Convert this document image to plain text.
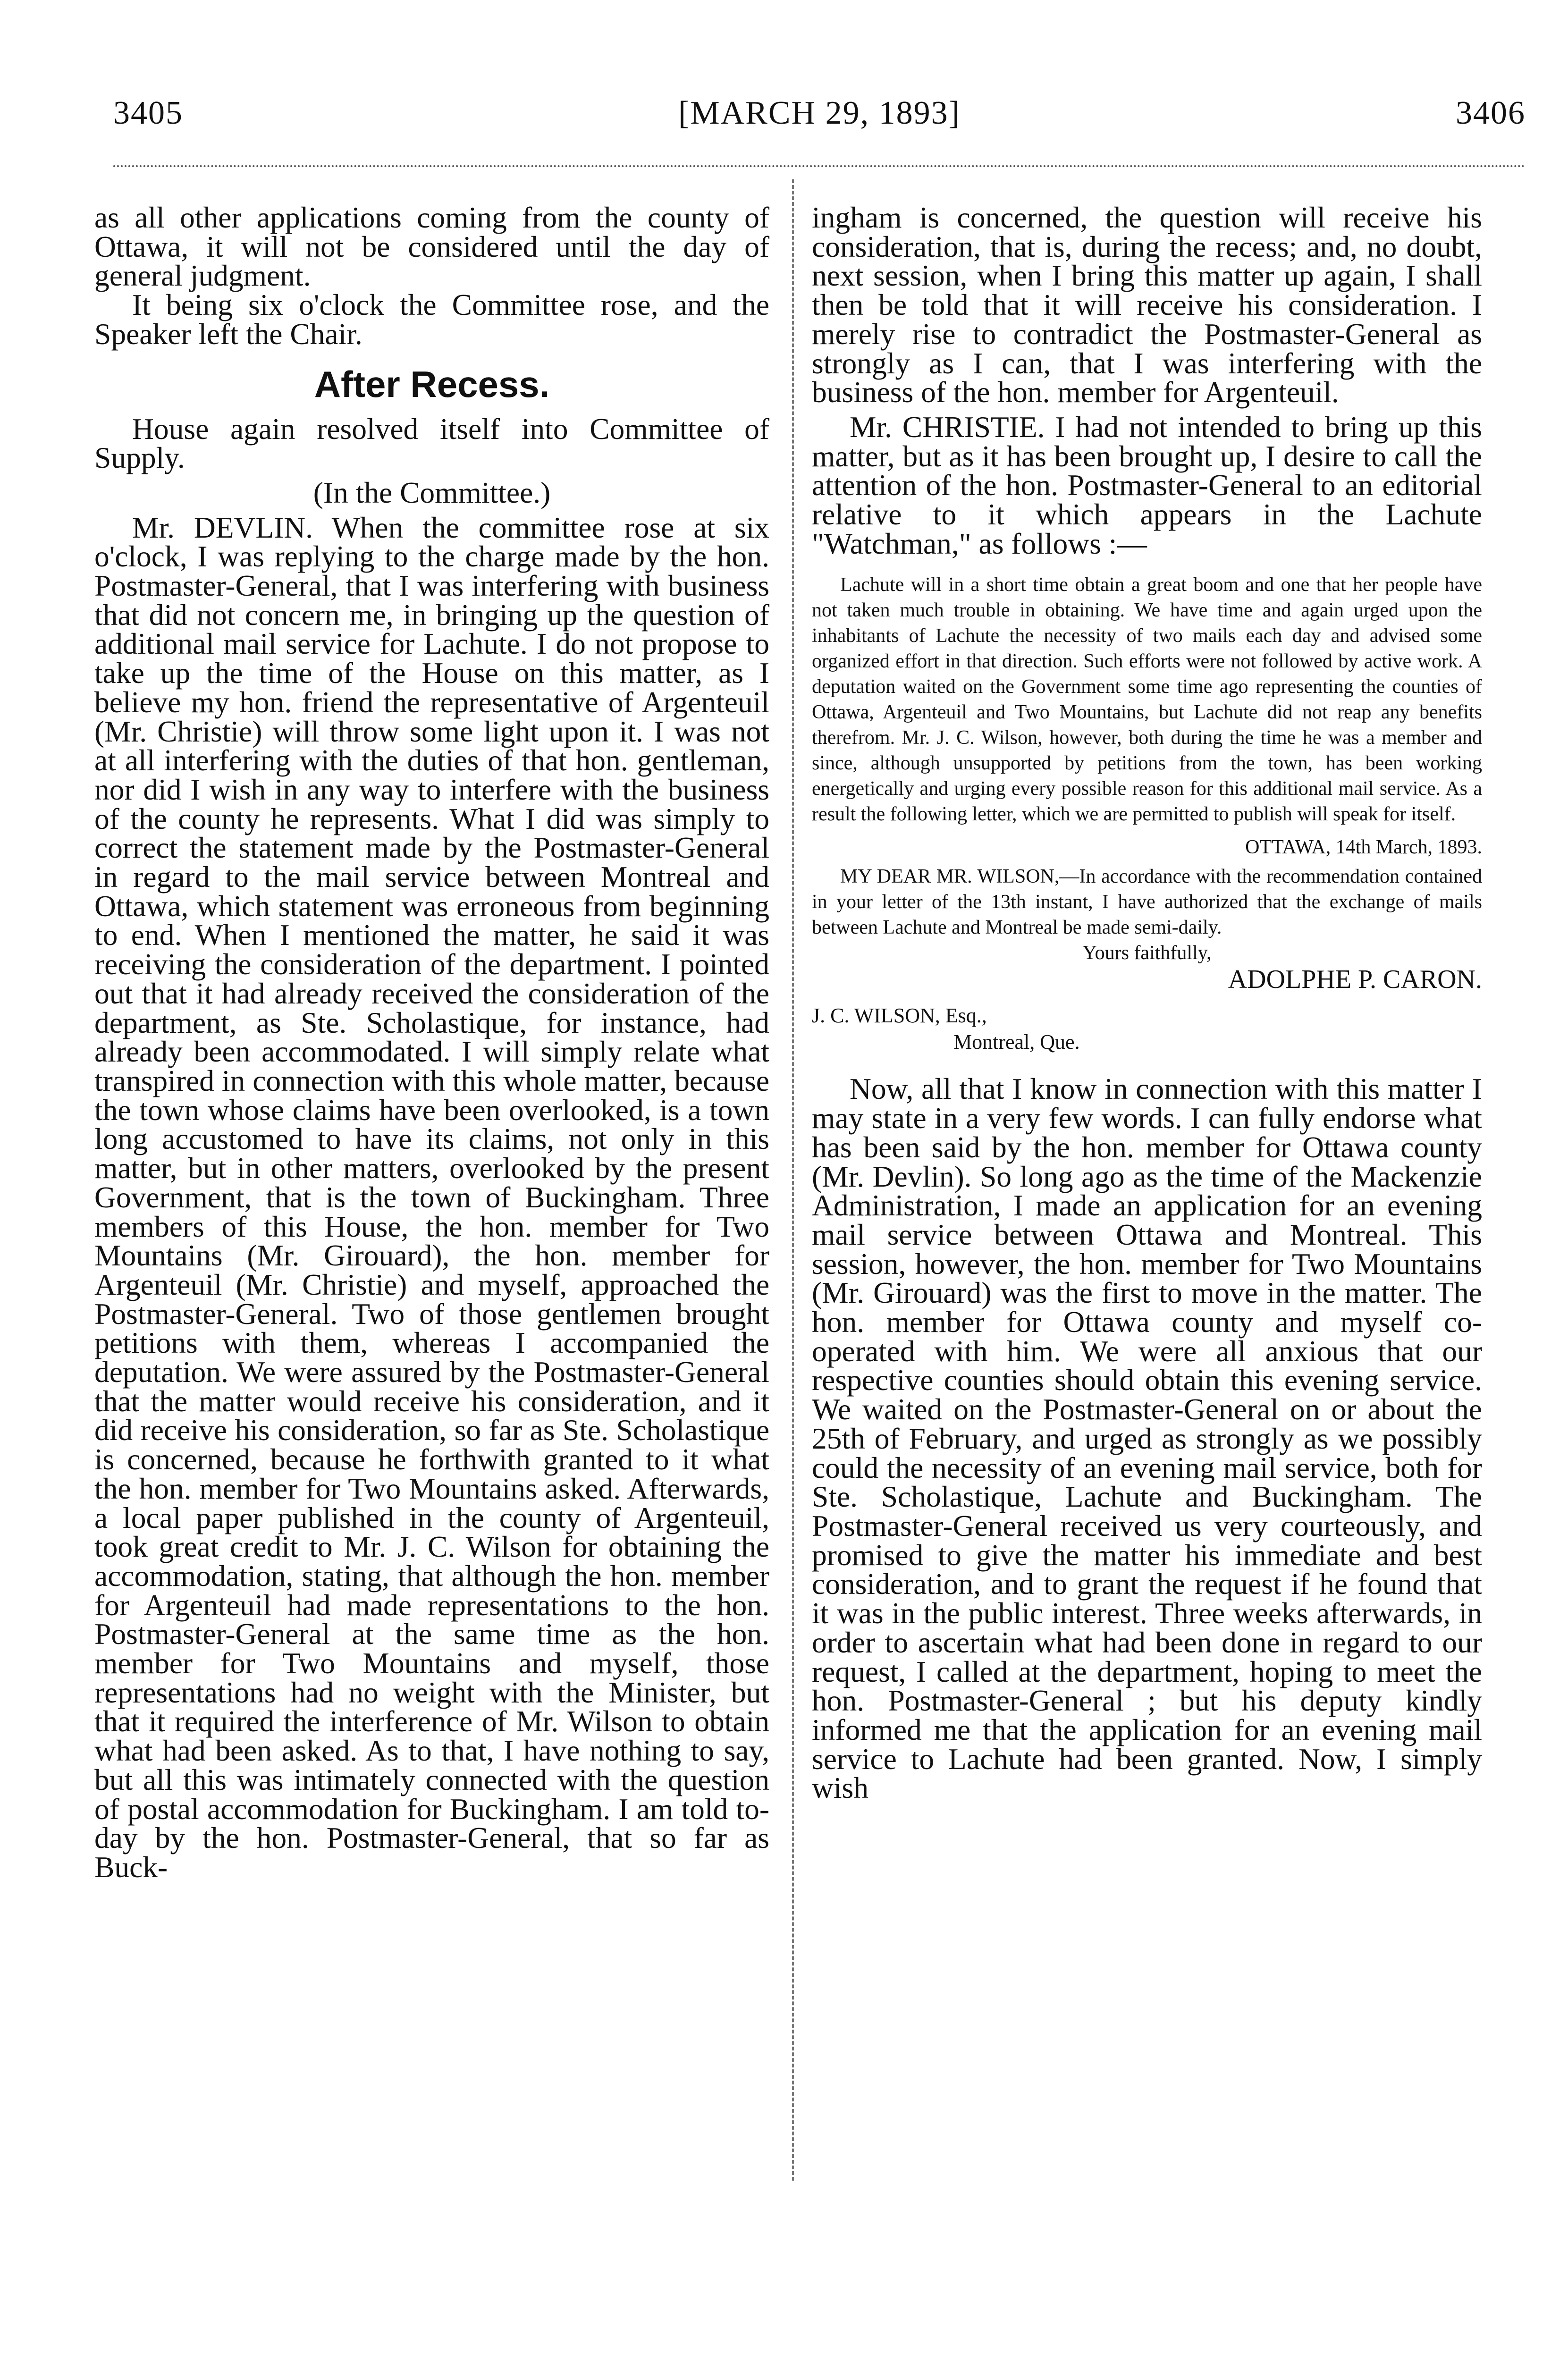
3405	[MARCH 29, 1893]	3406

as all other applications coming from the county of Ottawa, it will not be considered until the day of general judgment.

It being six o'clock the Committee rose, and the Speaker left the Chair.

After Recess.

House again resolved itself into Committee of Supply.

(In the Committee.)

Mr. DEVLIN. When the committee rose at six o'clock, I was replying to the charge made by the hon. Postmaster-General, that I was interfering with business that did not concern me, in bringing up the question of additional mail service for Lachute. I do not propose to take up the time of the House on this matter, as I believe my hon. friend the representative of Argenteuil (Mr. Christie) will throw some light upon it. I was not at all interfering with the duties of that hon. gentleman, nor did I wish in any way to interfere with the business of the county he represents. What I did was simply to correct the statement made by the Postmaster-General in regard to the mail service between Montreal and Ottawa, which statement was erroneous from beginning to end. When I mentioned the matter, he said it was receiving the consideration of the department. I pointed out that it had already received the consideration of the department, as Ste. Scholastique, for instance, had already been accommodated. I will simply relate what transpired in connection with this whole matter, because the town whose claims have been overlooked, is a town long accustomed to have its claims, not only in this matter, but in other matters, overlooked by the present Government, that is the town of Buckingham. Three members of this House, the hon. member for Two Mountains (Mr. Girouard), the hon. member for Argenteuil (Mr. Christie) and myself, approached the Postmaster-General. Two of those gentlemen brought petitions with them, whereas I accompanied the deputation. We were assured by the Postmaster-General that the matter would receive his consideration, and it did receive his consideration, so far as Ste. Scholastique is concerned, because he forthwith granted to it what the hon. member for Two Mountains asked. Afterwards, a local paper published in the county of Argenteuil, took great credit to Mr. J. C. Wilson for obtaining the accommodation, stating, that although the hon. member for Argenteuil had made representations to the hon. Postmaster-General at the same time as the hon. member for Two Mountains and myself, those representations had no weight with the Minister, but that it required the interference of Mr. Wilson to obtain what had been asked. As to that, I have nothing to say, but all this was intimately connected with the question of postal accommodation for Buckingham. I am told to-day by the hon. Postmaster-General, that so far as Buck-

ingham is concerned, the question will receive his consideration, that is, during the recess; and, no doubt, next session, when I bring this matter up again, I shall then be told that it will receive his consideration. I merely rise to contradict the Postmaster-General as strongly as I can, that I was interfering with the business of the hon. member for Argenteuil.

Mr. CHRISTIE. I had not intended to bring up this matter, but as it has been brought up, I desire to call the attention of the hon. Postmaster-General to an editorial relative to it which appears in the Lachute "Watchman," as follows :—

Lachute will in a short time obtain a great boom and one that her people have not taken much trouble in obtaining. We have time and again urged upon the inhabitants of Lachute the necessity of two mails each day and advised some organized effort in that direction. Such efforts were not followed by active work. A deputation waited on the Government some time ago representing the counties of Ottawa, Argenteuil and Two Mountains, but Lachute did not reap any benefits therefrom. Mr. J. C. Wilson, however, both during the time he was a member and since, although unsupported by petitions from the town, has been working energetically and urging every possible reason for this additional mail service. As a result the following letter, which we are permitted to publish will speak for itself.

OTTAWA, 14th March, 1893.

MY DEAR MR. WILSON,—In accordance with the recommendation contained in your letter of the 13th instant, I have authorized that the exchange of mails between Lachute and Montreal be made semi-daily.

Yours faithfully,

ADOLPHE P. CARON.

J. C. WILSON, Esq.,

Montreal, Que.

Now, all that I know in connection with this matter I may state in a very few words. I can fully endorse what has been said by the hon. member for Ottawa county (Mr. Devlin). So long ago as the time of the Mackenzie Administration, I made an application for an evening mail service between Ottawa and Montreal. This session, however, the hon. member for Two Mountains (Mr. Girouard) was the first to move in the matter. The hon. member for Ottawa county and myself co-operated with him. We were all anxious that our respective counties should obtain this evening service. We waited on the Postmaster-General on or about the 25th of February, and urged as strongly as we possibly could the necessity of an evening mail service, both for Ste. Scholastique, Lachute and Buckingham. The Postmaster-General received us very courteously, and promised to give the matter his immediate and best consideration, and to grant the request if he found that it was in the public interest. Three weeks afterwards, in order to ascertain what had been done in regard to our request, I called at the department, hoping to meet the hon. Postmaster-General ; but his deputy kindly informed me that the application for an evening mail service to Lachute had been granted. Now, I simply wish
